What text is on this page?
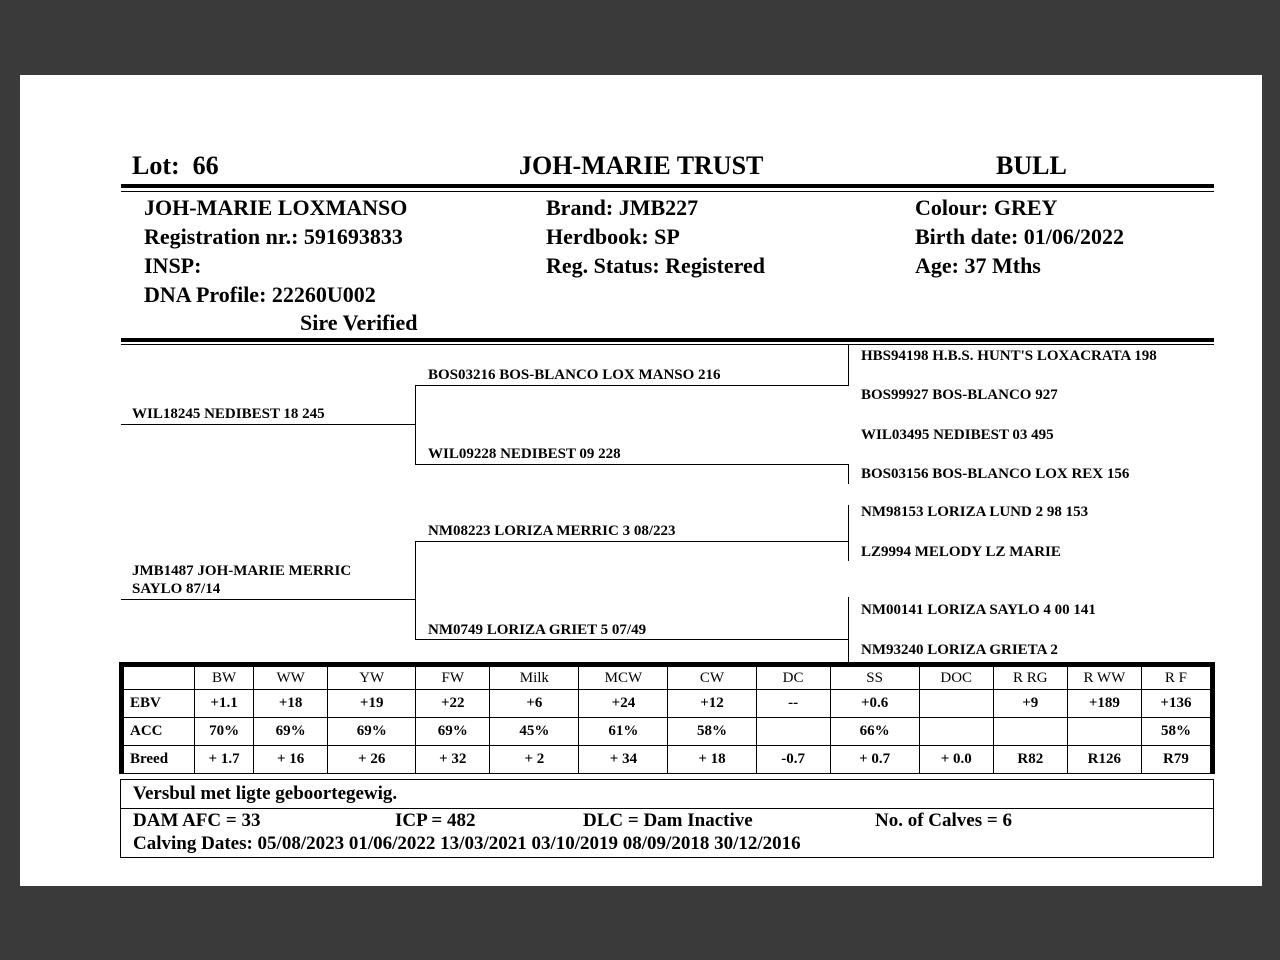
Lot: 66	JOH-MARIE TRUST	BULL
JOH-MARIE LOXMANSO
Registration nr.: 591693833
INSP:
DNA Profile: 22260U002
Sire Verified
Brand: JMB227
Herdbook: SP
Reg. Status: Registered
Colour: GREY
Birth date: 01/06/2022
Age: 37 Mths
WIL18245 NEDIBEST 18 245
JMB1487 JOH-MARIE MERRIC
SAYLO 87/14
BOS03216 BOS-BLANCO LOX MANSO 216
WIL09228 NEDIBEST 09 228
NM08223 LORIZA MERRIC 3 08/223
NM0749 LORIZA GRIET 5 07/49
HBS94198 H.B.S. HUNT'S LOXACRATA 198
BOS99927 BOS-BLANCO 927
WIL03495 NEDIBEST 03 495
BOS03156 BOS-BLANCO LOX REX 156
NM98153 LORIZA LUND 2 98 153
LZ9994 MELODY LZ MARIE
NM00141 LORIZA SAYLO 4 00 141
NM93240 LORIZA GRIETA 2
	BW	WW	YW	FW	Milk	MCW	CW	DC	SS	DOC	R RG	R WW	R F
EBV	+1.1	+18	+19	+22	+6	+24	+12	--	+0.6		+9	+189	+136
ACC	70%	69%	69%	69%	45%	61%	58%		66%				58%
Breed	+ 1.7	+ 16	+ 26	+ 32	+ 2	+ 34	+ 18	-0.7	+ 0.7	+ 0.0	R82	R126	R79
Versbul met ligte geboortegewig.
DAM AFC = 33	ICP = 482	DLC = Dam Inactive	No. of Calves = 6
Calving Dates: 05/08/2023 01/06/2022 13/03/2021 03/10/2019 08/09/2018 30/12/2016
